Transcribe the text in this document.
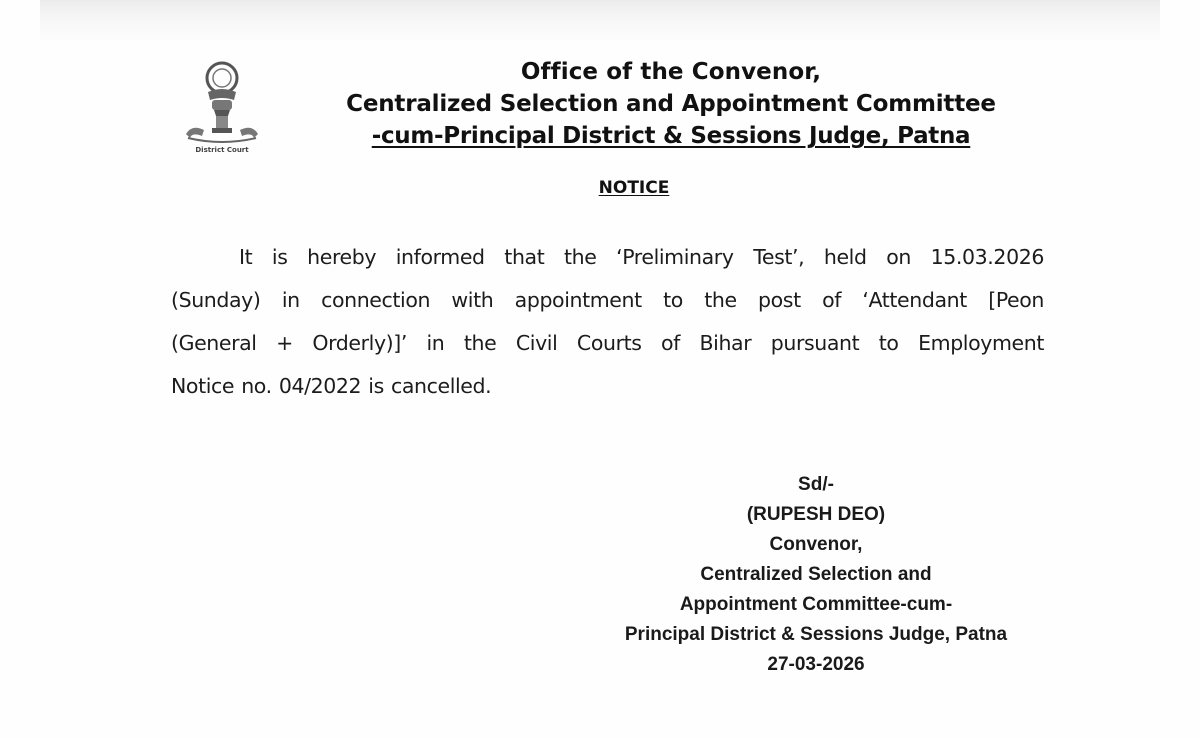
District Court
Office of the Convenor,
Centralized Selection and Appointment Committee
-cum-Principal District & Sessions Judge, Patna
NOTICE
It is hereby informed that the ‘Preliminary Test’, held on 15.03.2026
(Sunday) in connection with appointment to the post of ‘Attendant [Peon
(General + Orderly)]’ in the Civil Courts of Bihar pursuant to Employment
Notice no. 04/2022 is cancelled.
Sd/-
(RUPESH DEO)
Convenor,
Centralized Selection and
Appointment Committee-cum-
Principal District & Sessions Judge, Patna
27-03-2026
